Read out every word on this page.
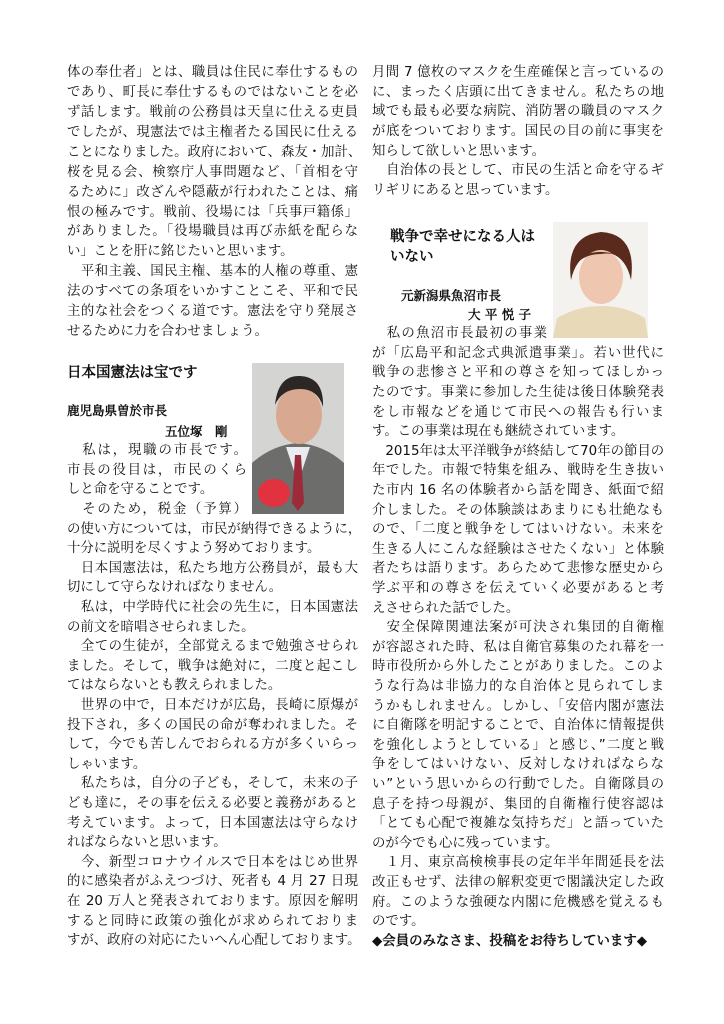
日本国憲法は宝です
鹿児島県曽於市長
五位塚　剛
戦争で幸せになる人は
いない
元新潟県魚沼市長
大 平 悦 子
◆会員のみなさま、投稿をお待ちしています◆
体の奉仕者」とは、職員は住民に奉仕するもの
であり、町長に奉仕するものではないことを必
ず話します。戦前の公務員は天皇に仕える吏員
でしたが、現憲法では主権者たる国民に仕える
ことになりました。政府において、森友・加計、
桜を見る会、検察庁人事問題など、「首相を守
るために」改ざんや隠蔽が行われたことは、痛
恨の極みです。戦前、役場には「兵事戸籍係」
がありました。「役場職員は再び赤紙を配らな
い」ことを肝に銘じたいと思います。
　平和主義、国民主権、基本的人権の尊重、憲
法のすべての条項をいかすことこそ、平和で民
主的な社会をつくる道です。憲法を守り発展さ
せるために力を合わせましょう。
　私は，現職の市長です。
市長の役目は，市民のくら
しと命を守ることです。
　そのため，税金（予算）
の使い方については，市民が納得できるように，
十分に説明を尽くすよう努めております。
　日本国憲法は，私たち地方公務員が，最も大
切にして守らなければなりません。
　私は，中学時代に社会の先生に，日本国憲法
の前文を暗唱させられました。
　全ての生徒が，全部覚えるまで勉強させられ
ました。そして，戦争は絶対に，二度と起こし
てはならないとも教えられました。
　世界の中で，日本だけが広島，長崎に原爆が
投下され，多くの国民の命が奪われました。そ
して，今でも苦しんでおられる方が多くいらっ
しゃいます。
　私たちは，自分の子ども，そして，未来の子
ども達に，その事を伝える必要と義務があると
考えています。よって，日本国憲法は守らなけ
ればならないと思います。
　今、新型コロナウイルスで日本をはじめ世界
的に感染者がふえつづけ、死者も 4 月 27 日現
在 20 万人と発表されております。原因を解明
すると同時に政策の強化が求められておりま
すが、政府の対応にたいへん心配しております。
月間 7 億枚のマスクを生産確保と言っているの
に、まったく店頭に出てきません。私たちの地
域でも最も必要な病院、消防署の職員のマスク
が底をついております。国民の目の前に事実を
知らして欲しいと思います。
　自治体の長として、市民の生活と命を守るギ
リギリにあると思っています。
　私の魚沼市長最初の事業
が「広島平和記念式典派遣事業」。若い世代に
戦争の悲惨さと平和の尊さを知ってほしかっ
たのです。事業に参加した生徒は後日体験発表
をし市報などを通じて市民への報告も行いま
す。この事業は現在も継続されています。
　2015年は太平洋戦争が終結して70年の節目の
年でした。市報で特集を組み、戦時を生き抜い
た市内 16 名の体験者から話を聞き、紙面で紹
介しました。その体験談はあまりにも壮絶なも
ので、「二度と戦争をしてはいけない。未来を
生きる人にこんな経験はさせたくない」と体験
者たちは語ります。あらためて悲惨な歴史から
学ぶ平和の尊さを伝えていく必要があると考
えさせられた話でした。
　安全保障関連法案が可決され集団的自衛権
が容認された時、私は自衛官募集のたれ幕を一
時市役所から外したことがありました。このよ
うな行為は非協力的な自治体と見られてしま
うかもしれません。しかし、「安倍内閣が憲法
に自衛隊を明記することで、自治体に情報提供
を強化しようとしている」と感じ、”二度と戦
争をしてはいけない、反対しなければならな
い”という思いからの行動でした。自衛隊員の
息子を持つ母親が、集団的自衛権行使容認は
「とても心配で複雑な気持ちだ」と語っていた
のが今でも心に残っています。
　１月、東京高検検事長の定年半年間延長を法
改正もせず、法律の解釈変更で閣議決定した政
府。このような強硬な内閣に危機感を覚えるも
のです。
